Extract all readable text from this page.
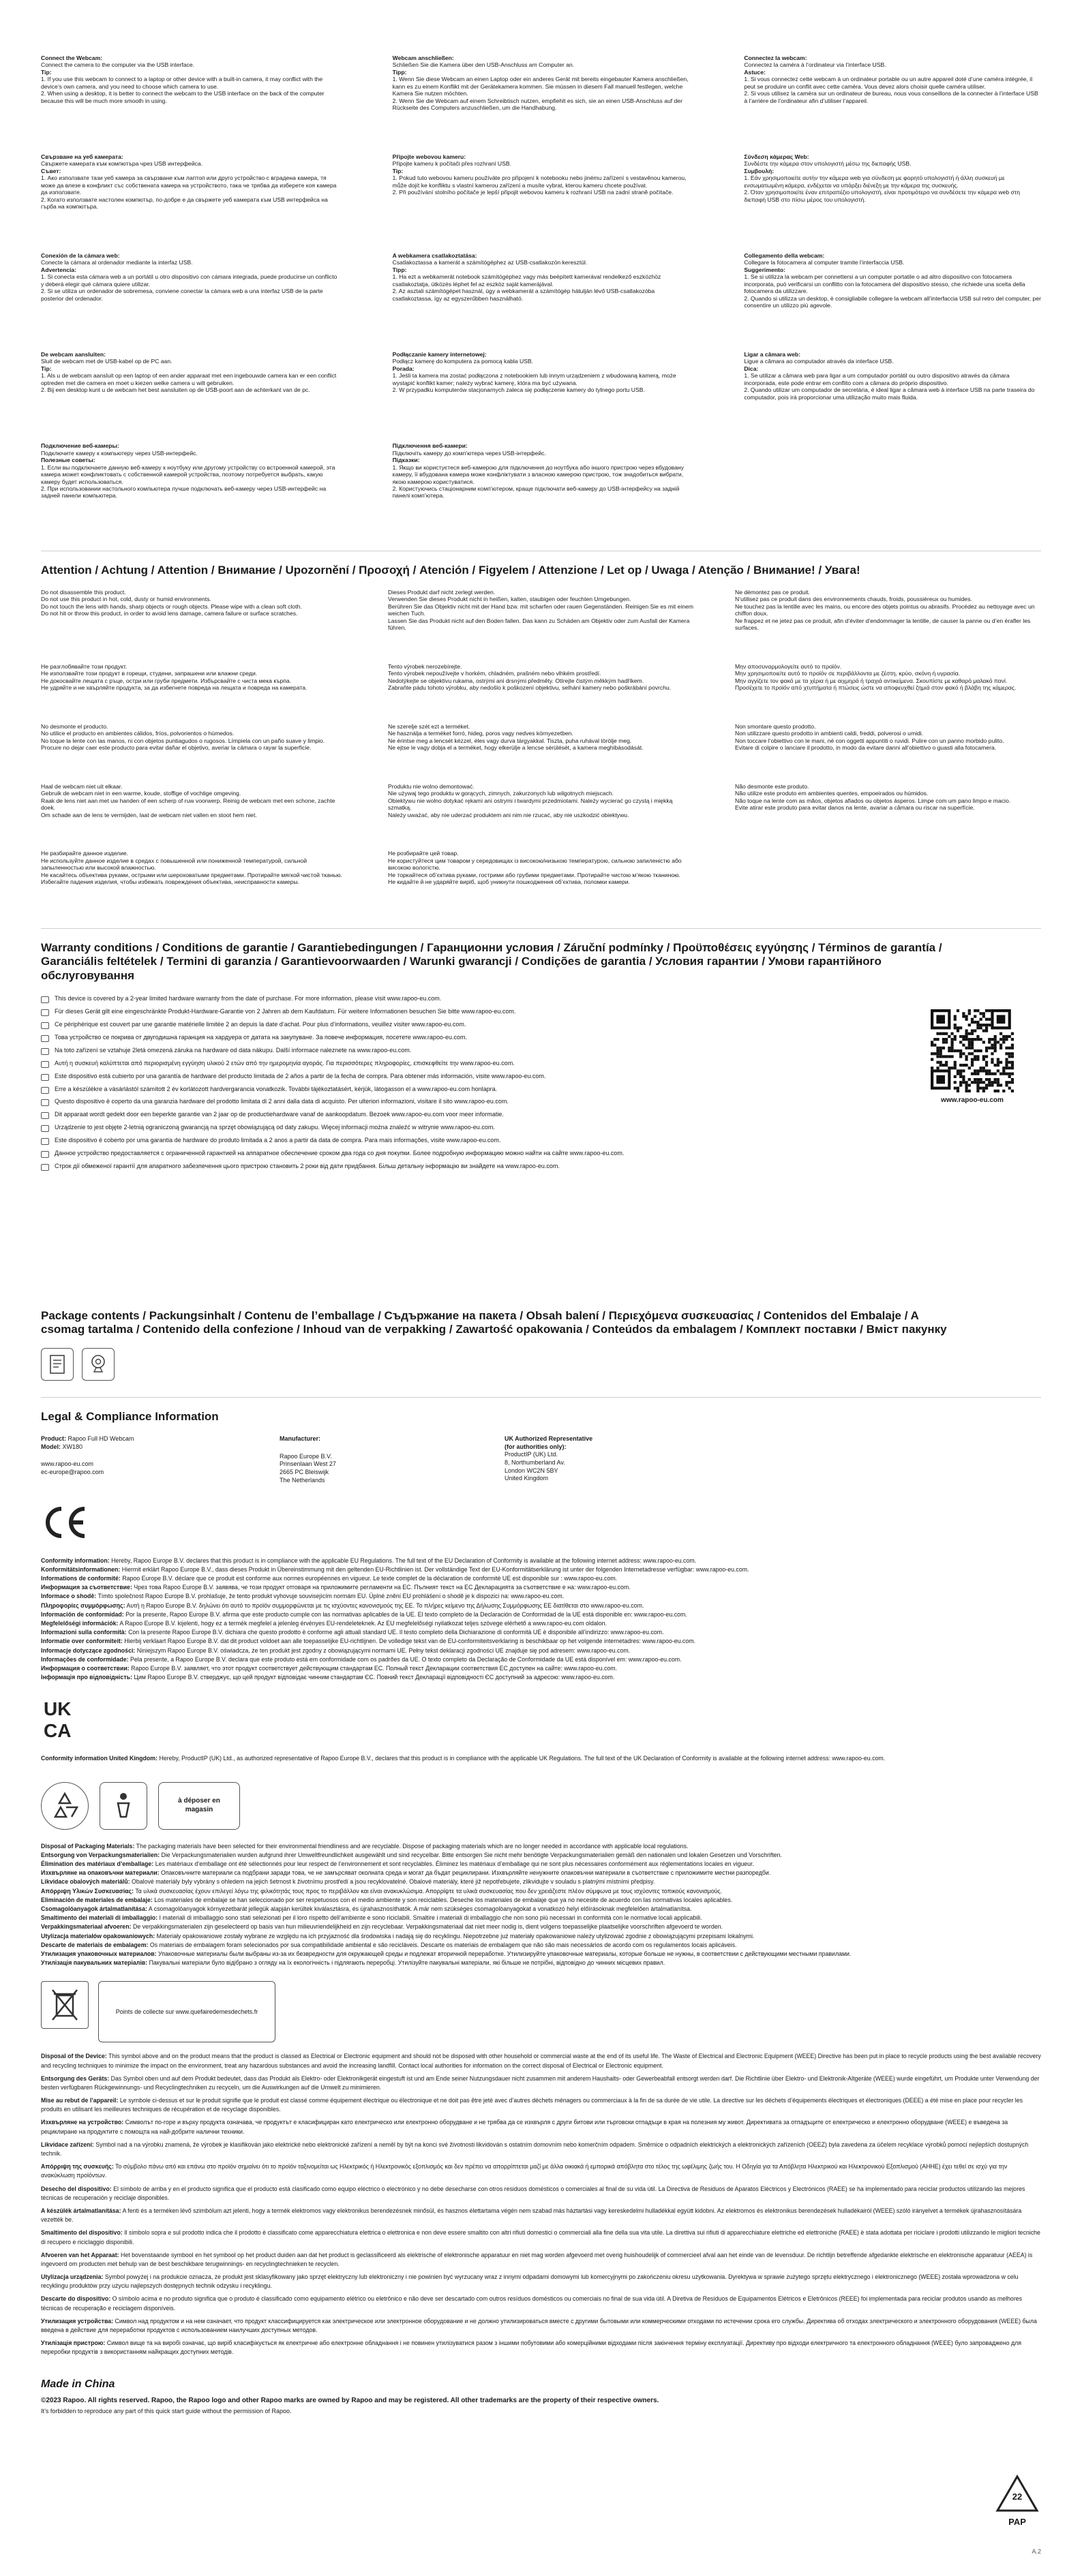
Connect the Webcam:
Connect the camera to the computer via the USB interface.
Tip:
1. If you use this webcam to connect to a laptop or other device with a built-in camera, it may conflict with the device’s own camera, and you need to choose which camera to use.
2. When using a desktop, it is better to connect the webcam to the USB interface on the back of the computer because this will be much more smooth in using.
Webcam anschließen:
Schließen Sie die Kamera über den USB-Anschluss am Computer an.
Tipp:
1. Wenn Sie diese Webcam an einen Laptop oder ein anderes Gerät mit bereits eingebauter Kamera anschließen, kann es zu einem Konflikt mit der Gerätekamera kommen. Sie müssen in diesem Fall manuell festlegen, welche Kamera Sie nutzen möchten.
2. Wenn Sie die Webcam auf einem Schreibtisch nutzen, empfiehlt es sich, sie an einen USB-Anschluss auf der Rückseite des Computers anzuschließen, um die Handhabung.
Connectez la webcam:
Connectez la caméra à l’ordinateur via l’interface USB.
Astuce:
1. Si vous connectez cette webcam à un ordinateur portable ou un autre appareil doté d’une caméra intégrée, il peut se produire un conflit avec cette caméra. Vous devez alors choisir quelle caméra utiliser.
2. Si vous utilisez la caméra sur un ordinateur de bureau, nous vous conseillons de la connecter à l’interface USB à l’arrière de l’ordinateur afin d’utiliser l’appareil.
Свързване на уеб камерата:
Свържете камерата към компютъра чрез USB интерфейса.
Съвет:
1. Ако използвате тази уеб камера за свързване към лаптоп или друго устройство с вградена камера, тя може да влезе в конфликт със собствената камера на устройството, така че трябва да изберете коя камера да използвате.
2. Когато използвате настолен компютър, по-добре е да свържете уеб камерата към USB интерфейса на гърба на компютъра.
Připojte webovou kameru:
Připojte kameru k počítači přes rozhraní USB.
Tip:
1. Pokud tuto webovou kameru používáte pro připojení k notebooku nebo jinému zařízení s vestavěnou kamerou, může dojít ke konfliktu s vlastní kamerou zařízení a musíte vybrat, kterou kameru chcete používat.
2. Při používání stolního počítače je lepší připojit webovou kameru k rozhraní USB na zadní straně počítače.
Σύνδεση κάμερας Web:
Συνδέστε την κάμερα στον υπολογιστή μέσω της διεπαφής USB.
Συμβουλή:
1. Εάν χρησιμοποιείτε αυτήν την κάμερα web για σύνδεση με φορητό υπολογιστή ή άλλη συσκευή με ενσωματωμένη κάμερα, ενδέχεται να υπάρξει διένεξη με την κάμερα της συσκευής.
2. Όταν χρησιμοποιείτε έναν επιτραπέζιο υπολογιστή, είναι προτιμότερο να συνδέσετε την κάμερα web στη διεπαφή USB στο πίσω μέρος του υπολογιστή.
Conexión de la cámara web:
Conecte la cámara al ordenador mediante la interfaz USB.
Advertencia:
1. Si conecta esta cámara web a un portátil u otro dispositivo con cámara integrada, puede producirse un conflicto y deberá elegir qué cámara quiere utilizar.
2. Si se utiliza un ordenador de sobremesa, conviene conectar la cámara web a una interfaz USB de la parte posterior del ordenador.
A webkamera csatlakoztatása:
Csatlakoztassa a kamerát a számítógéphez az USB-csatlakozón keresztül.
Tipp:
1. Ha ezt a webkamerát notebook számítógéphez vagy más beépített kamerával rendelkező eszközhöz csatlakoztatja, ütközés léphet fel az eszköz saját kamerájával.
2. Az asztali számítógépet használ, úgy a webkamerát a számítógép hátulján lévő USB-csatlakozóba csatlakoztassa, így az egyszerűbben használható.
Collegamento della webcam:
Collegare la fotocamera al computer tramite l’interfaccia USB.
Suggerimento:
1. Se si utilizza la webcam per connettersi a un computer portatile o ad altro dispositivo con fotocamera incorporata, può verificarsi un conflitto con la fotocamera del dispositivo stesso, che richiede una scelta della fotocamera da utilizzare.
2. Quando si utilizza un desktop, è consigliabile collegare la webcam all’interfaccia USB sul retro del computer, per consentire un utilizzo più agevole.
De webcam aansluiten:
Sluit de webcam met de USB-kabel op de PC aan.
Tip:
1. Als u de webcam aansluit op een laptop of een ander apparaat met een ingebouwde camera kan er een conflict optreden met die camera en moet u kiezen welke camera u wilt gebruiken.
2. Bij een desktop kunt u de webcam het best aansluiten op de USB-poort aan de achterkant van de pc.
Podłączanie kamery internetowej:
Podłącz kamerę do komputera za pomocą kabla USB.
Porada:
1. Jeśli ta kamera ma zostać podłączona z notebookiem lub innym urządzeniem z wbudowaną kamerą, może wystąpić konflikt kamer; należy wybrać kamerę, która ma być używana.
2. W przypadku komputerów stacjonarnych zaleca się podłączenie kamery do tylnego portu USB.
Ligar a câmara web:
Ligue a câmara ao computador através da interface USB.
Dica:
1. Se utilizar a câmara web para ligar a um computador portátil ou outro dispositivo através da câmara incorporada, este pode entrar em conflito com a câmara do próprio dispositivo.
2. Quando utilizar um computador de secretária, é ideal ligar a câmara web à interface USB na parte traseira do computador, pois irá proporcionar uma utilização muito mais fluida.
Подключение веб-камеры:
Подключите камеру к компьютеру через USB-интерфейс.
Полезные советы:
1. Если вы подключаете данную веб-камеру к ноутбуку или другому устройству со встроенной камерой, эта камера может конфликтовать с собственной камерой устройства, поэтому потребуется выбрать, какую камеру будет использоваться.
2. При использовании настольного компьютера лучше подключать веб-камеру через USB-интерфейс на задней панели компьютера.
Підключення веб-камери:
Підключіть камеру до комп’ютера через USB-інтерфейс.
Підказки:
1. Якщо ви користуєтеся веб-камерою для підключення до ноутбука або іншого пристрою через вбудовану камеру, її вбудована камера може конфліктувати з власною камерою пристрою, тож знадобиться вибрати, якою камерою користуватися.
2. Користуючись стаціонарним комп’ютером, краще підключати веб-камеру до USB-інтерфейсу на задній панелі комп’ютера.
Attention / Achtung / Attention / Внимание / Upozornění / Προσοχή / Atención / Figyelem / Attenzione / Let op / Uwaga / Atenção / Внимание! / Увага!
Do not disassemble this product.
Do not use this product in hot, cold, dusty or humid environments.
Do not touch the lens with hands, sharp objects or rough objects. Please wipe with a clean soft cloth.
Do not hit or throw this product, in order to avoid lens damage, camera failure or surface scratches.
Dieses Produkt darf nicht zerlegt werden.
Verwenden Sie dieses Produkt nicht in heißen, kalten, staubigen oder feuchten Umgebungen.
Berühren Sie das Objektiv nicht mit der Hand bzw. mit scharfen oder rauen Gegenständen. Reinigen Sie es mit einem weichen Tuch.
Lassen Sie das Produkt nicht auf den Boden fallen. Das kann zu Schäden am Objektiv oder zum Ausfall der Kamera führen.
Ne démontez pas ce produit.
N’utilisez pas ce produit dans des environnements chauds, froids, poussiéreux ou humides.
Ne touchez pas la lentille avec les mains, ou encore des objets pointus ou abrasifs. Procédez au nettoyage avec un chiffon doux.
Ne frappez et ne jetez pas ce produit, afin d’éviter d’endommager la lentille, de causer la panne ou d’en érafler les surfaces.
Не разглобявайте този продукт.
Не използвайте този продукт в горещи, студени, запрашени или влажни среди.
Не докосвайте лещата с ръце, остри или груби предмети. Избърсвайте с чиста мека кърпа.
Не удряйте и не хвърляйте продукта, за да избегнете повреда на лещата и повреда на камерата.
Tento výrobek nerozebírejte.
Tento výrobek nepoužívejte v horkém, chladném, prašném nebo vlhkém prostředí.
Nedotýkejte se objektivu rukama, ostrými ani drsnými předměty. Otírejte čistým měkkým hadříkem.
Zabraňte pádu tohoto výrobku, aby nedošlo k poškození objektivu, selhání kamery nebo poškrábání povrchu.
Μην αποσυναρμολογείτε αυτό το προϊόν.
Μην χρησιμοποιείτε αυτό το προϊόν σε περιβάλλοντα με ζέστη, κρύο, σκόνη ή υγρασία.
Μην αγγίζετε τον φακό με τα χέρια ή με αιχμηρά ή τραχιά αντικείμενα. Σκουπίστε με καθαρό μαλακό πανί.
Προσέχετε το προϊόν από χτυπήματα ή πτώσεις ώστε να αποφευχθεί ζημιά στον φακό ή βλάβη της κάμερας.
No desmonte el producto.
No utilice el producto en ambientes cálidos, fríos, polvorientos o húmedos.
No toque la lente con las manos, ni con objetos puntiagudos o rugosos. Límpiela con un paño suave y limpio.
Procure no dejar caer este producto para evitar dañar el objetivo, averiar la cámara o rayar la superficie.
Ne szerelje szét ezt a terméket.
Ne használja a terméket forró, hideg, poros vagy nedves környezetben.
Ne érintse meg a lencsét kézzel, éles vagy durva tárgyakkal. Tiszta, puha ruhával törölje meg.
Ne ejtse le vagy dobja el a terméket, hogy elkerülje a lencse sérülését, a kamera meghibásodását.
Non smontare questo prodotto.
Non utilizzare questo prodotto in ambienti caldi, freddi, polverosi o umidi.
Non toccare l’obiettivo con le mani, né con oggetti appuntiti o ruvidi. Pulire con un panno morbido pulito.
Evitare di colpire o lanciare il prodotto, in modo da evitare danni all’obiettivo o guasti alla fotocamera.
Haal de webcam niet uit elkaar.
Gebruik de webcam niet in een warme, koude, stoffige of vochtige omgeving.
Raak de lens niet aan met uw handen of een scherp of ruw voorwerp. Reinig de webcam met een schone, zachte doek.
Om schade aan de lens te vermijden, laat de webcam niet vallen en stoot hem niet.
Produktu nie wolno demontować.
Nie używaj tego produktu w gorących, zimnych, zakurzonych lub wilgotnych miejscach.
Obiektywu nie wolno dotykać rękami ani ostrymi i twardymi przedmiotami. Należy wycierać go czystą i miękką szmatką.
Należy uważać, aby nie uderzać produktem ani nim nie rzucać, aby nie uszkodzić obiektywu.
Não desmonte este produto.
Não utilize este produto em ambientes quentes, empoeirados ou húmidos.
Não toque na lente com as mãos, objetos afiados ou objetos ásperos. Limpe com um pano limpo e macio.
Evite atirar este produto para evitar danos na lente, avariar a câmara ou riscar na superfície.
Не разбирайте данное изделие.
Не используйте данное изделие в средах с повышенной или пониженной температурой, сильной запыленностью или высокой влажностью.
Не касайтесь объектива руками, острыми или шероховатыми предметами. Протирайте мягкой чистой тканью.
Избегайте падения изделия, чтобы избежать повреждения объектива, неисправности камеры.
Не розбирайте цей товар.
Не користуйтеся цим товаром у середовищах із високою/низькою температурою, сильною запиленістю або високою вологістю.
Не торкайтеся об’єктива руками, гострими або грубими предметами. Протирайте чистою м’якою тканиною.
Не кидайте й не ударяйте виріб, щоб уникнути пошкодження об’єктива, поломки камери.
Warranty conditions / Conditions de garantie / Garantiebedingungen / Гаранционни условия / Záruční podmínky / Προϋποθέσεις εγγύησης / Términos de garantía / Garanciális feltételek / Termini di garanzia / Garantievoorwaarden / Warunki gwarancji / Condições de garantia / Условия гарантии / Умови гарантійного обслуговування
This device is covered by a 2-year limited hardware warranty from the date of purchase. For more information, please visit www.rapoo-eu.com.
Für dieses Gerät gilt eine eingeschränkte Produkt-Hardware-Garantie von 2 Jahren ab dem Kaufdatum. Für weitere Informationen besuchen Sie bitte www.rapoo-eu.com.
Ce périphérique est couvert par une garantie matérielle limitée 2 an depuis la date d’achat. Pour plus d’informations, veuillez visiter www.rapoo-eu.com.
Това устройство се покрива от двугодишна гаранция на хардуера от датата на закупуване. За повече информация, посетете www.rapoo-eu.com.
Na toto zařízení se vztahuje 2letá omezená záruka na hardware od data nákupu. Další informace naleznete na www.rapoo-eu.com.
Αυτή η συσκευή καλύπτεται από περιορισμένη εγγύηση υλικού 2 ετών από την ημερομηνία αγοράς. Για περισσότερες πληροφορίες, επισκεφθείτε την www.rapoo-eu.com.
Este dispositivo está cubierto por una garantía de hardware del producto limitada de 2 años a partir de la fecha de compra. Para obtener más información, visite www.rapoo-eu.com.
Erre a készülékre a vásárlástól számított 2 év korlátozott hardvergarancia vonatkozik. További tájékoztatásért, kérjük, látogasson el a www.rapoo-eu.com honlapra.
Questo dispositivo è coperto da una garanzia hardware del prodotto limitata di 2 anni dalla data di acquisto. Per ulteriori informazioni, visitare il sito www.rapoo-eu.com.
Dit apparaat wordt gedekt door een beperkte garantie van 2 jaar op de productiehardware vanaf de aankoopdatum. Bezoek www.rapoo-eu.com voor meer informatie.
Urządzenie to jest objęte 2-letnią ograniczoną gwarancją na sprzęt obowiązującą od daty zakupu. Więcej informacji można znaleźć w witrynie www.rapoo-eu.com.
Este dispositivo é coberto por uma garantia de hardware do produto limitada a 2 anos a partir da data de compra. Para mais informações, visite www.rapoo-eu.com.
Данное устройство предоставляется с ограниченной гарантией на аппаратное обеспечение сроком два года со дня покупки. Более подробную информацию можно найти на сайте www.rapoo-eu.com.
Строк дії обмеженої гарантії для апаратного забезпечення цього пристрою становить 2 роки від дати придбання. Більш детальну інформацію ви знайдете на www.rapoo-eu.com.
www.rapoo-eu.com
Package contents / Packungsinhalt / Contenu de l’emballage / Съдържание на пакета / Obsah balení / Περιεχόμενα συσκευασίας / Contenidos del Embalaje / A csomag tartalma / Contenido della confezione / Inhoud van de verpakking / Zawartość opakowania / Conteúdos da embalagem / Комплект поставки / Вміст пакунку
Legal & Compliance Information
Product: Rapoo Full HD Webcam
Model: XW180
www.rapoo-eu.com
ec-europe@rapoo.com
Manufacturer:
Rapoo Europe B.V.
Prinsenlaan West 27
2665 PC Bleiswijk
The Netherlands
UK Authorized Representative
(for authorities only):
ProductIP (UK) Ltd.
8, Northumberland Av.
London WC2N 5BY
United Kingdom
Conformity information: Hereby, Rapoo Europe B.V. declares that this product is in compliance with the applicable EU Regulations. The full text of the EU Declaration of Conformity is available at the following internet address: www.rapoo-eu.com.
Konformitätsinformationen: Hiermit erklärt Rapoo Europe B.V., dass dieses Produkt in Übereinstimmung mit den geltenden EU-Richtlinien ist. Der vollständige Text der EU-Konformitätserklärung ist unter der folgenden Internetadresse verfügbar: www.rapoo-eu.com.
Informations de conformité: Rapoo Europe B.V. déclare que ce produit est conforme aux normes européennes en vigueur. Le texte complet de la déclaration de conformité UE est disponible sur : www.rapoo-eu.com.
Информация за съответствие: Чрез това Rapoo Europe B.V. заявява, че този продукт отговаря на приложимите регламенти на ЕС. Пълният текст на ЕС Декларацията за съответствие е на: www.rapoo-eu.com.
Informace o shodě: Tímto společnost Rapoo Europe B.V. prohlašuje, že tento produkt vyhovuje souvisejícím normám EU. Úplné znění EU prohlášení o shodě je k dispozici na: www.rapoo-eu.com.
Πληροφορίες συμμόρφωσης: Αυτή η Rapoo Europe B.V. δηλώνει ότι αυτό το προϊόν συμμορφώνεται με τις ισχύοντες κανονισμούς της ΕΕ. Το πλήρες κείμενο της Δήλωσης Συμμόρφωσης ΕΕ διατίθεται στο www.rapoo-eu.com.
Información de conformidad: Por la presente, Rapoo Europe B.V. afirma que este producto cumple con las normativas aplicables de la UE. El texto completo de la Declaración de Conformidad de la UE está disponible en: www.rapoo-eu.com.
Megfelelőségi információk: A Rapoo Europe B.V. kijelenti, hogy ez a termék megfelel a jelenleg érvényes EU-rendeleteknek. Az EU megfelelőségi nyilatkozat teljes szövege elérhető a www.rapoo-eu.com oldalon.
Informazioni sulla conformità: Con la presente Rapoo Europe B.V. dichiara che questo prodotto è conforme agli attuali standard UE. Il testo completo della Dichiarazione di conformità UE è disponibile all’indirizzo: www.rapoo-eu.com.
Informatie over conformiteit: Hierbij verklaart Rapoo Europe B.V. dat dit product voldoet aan alle toepasselijke EU-richtlijnen. De volledige tekst van de EU-conformiteitsverklaring is beschikbaar op het volgende internetadres: www.rapoo-eu.com.
Informacje dotyczące zgodności: Niniejszym Rapoo Europe B.V. oświadcza, że ten produkt jest zgodny z obowiązującymi normami UE. Pełny tekst deklaracji zgodności UE znajduje się pod adresem: www.rapoo-eu.com.
Informações de conformidade: Pela presente, a Rapoo Europe B.V. declara que este produto está em conformidade com os padrões da UE. O texto completo da Declaração de Conformidade da UE está disponível em: www.rapoo-eu.com.
Информация о соответствии: Rapoo Europe B.V. заявляет, что этот продукт соответствует действующим стандартам ЕС. Полный текст Декларации соответствия ЕС доступен на сайте: www.rapoo-eu.com.
Інформація про відповідність: Цим Rapoo Europe B.V. стверджує, що цей продукт відповідає чинним стандартам ЄС. Повний текст Декларації відповідності ЄС доступний за адресою: www.rapoo-eu.com.
UK
CA
Conformity information United Kingdom: Hereby, ProductIP (UK) Ltd., as authorized representative of Rapoo Europe B.V., declares that this product is in compliance with the applicable UK Regulations. The full text of the UK Declaration of Conformity is available at the following internet address: www.rapoo-eu.com.
à déposer en magasin
Disposal of Packaging Materials: The packaging materials have been selected for their environmental friendliness and are recyclable. Dispose of packaging materials which are no longer needed in accordance with applicable local regulations.
Entsorgung von Verpackungsmaterialien: Die Verpackungsmaterialien wurden aufgrund ihrer Umweltfreundlichkeit ausgewählt und sind recycelbar. Bitte entsorgen Sie nicht mehr benötigte Verpackungsmaterialien gemäß den nationalen und lokalen Gesetzen und Vorschriften.
Élimination des matériaux d’emballage: Les matériaux d’emballage ont été sélectionnés pour leur respect de l’environnement et sont recyclables. Éliminez les matériaux d’emballage qui ne sont plus nécessaires conformément aux réglementations locales en vigueur.
Изхвърляне на опаковъчни материали: Опаковъчните материали са подбрани заради това, че не замърсяват околната среда и могат да бъдат рециклирани. Изхвърляйте ненужните опаковъчни материали в съответствие с приложимите местни разпоредби.
Likvidace obalových materiálů: Obalové materiály byly vybrány s ohledem na jejich šetrnost k životnímu prostředí a jsou recyklovatelné. Obalové materiály, které již nepotřebujete, zlikvidujte v souladu s platnými místními předpisy.
Απόρριψη Υλικών Συσκευασίας: Τα υλικά συσκευασίας έχουν επιλεγεί λόγω της φιλικότητάς τους προς το περιβάλλον και είναι ανακυκλώσιμα. Απορρίψτε τα υλικά συσκευασίας που δεν χρειάζεστε πλέον σύμφωνα με τους ισχύοντες τοπικούς κανονισμούς.
Eliminación de materiales de embalaje: Los materiales de embalaje se han seleccionado por ser respetuosos con el medio ambiente y son reciclables. Deseche los materiales de embalaje que ya no necesite de acuerdo con las normativas locales aplicables.
Csomagolóanyagok ártalmatlanítása: A csomagolóanyagok környezetbarát jellegük alapján kerültek kiválasztásra, és újrahasznosíthatók. A már nem szükséges csomagolóanyagokat a vonatkozó helyi előírásoknak megfelelően ártalmatlanítsa.
Smaltimento dei materiali di imballaggio: I materiali di imballaggio sono stati selezionati per il loro rispetto dell’ambiente e sono riciclabili. Smaltire i materiali di imballaggio che non sono più necessari in conformità con le normative locali applicabili.
Verpakkingsmateriaal afvoeren: De verpakkingsmaterialen zijn geselecteerd op basis van hun milieuvriendelijkheid en zijn recyclebaar. Verpakkingsmateriaal dat niet meer nodig is, dient volgens toepasselijke plaatselijke voorschriften afgevoerd te worden.
Utylizacja materiałów opakowaniowych: Materiały opakowaniowe zostały wybrane ze względu na ich przyjazność dla środowiska i nadają się do recyklingu. Niepotrzebne już materiały opakowaniowe należy utylizować zgodnie z obowiązującymi przepisami lokalnymi.
Descarte de materiais de embalagem: Os materiais de embalagem foram selecionados por sua compatibilidade ambiental e são recicláveis. Descarte os materiais de embalagem que não são mais necessários de acordo com os regulamentos locais aplicáveis.
Утилизация упаковочных материалов: Упаковочные материалы были выбраны из-за их безвредности для окружающей среды и подлежат вторичной переработке. Утилизируйте упаковочные материалы, которые больше не нужны, в соответствии с действующими местными правилами.
Утилізація пакувальних матеріалів: Пакувальні матеріали було відібрано з огляду на їх екологічність і підлягають переробці. Утилізуйте пакувальні матеріали, які більше не потрібні, відповідно до чинних місцевих правил.
Points de collecte sur www.quefairedemesdechets.fr

Disposal of the Device: This symbol above and on the product means that the product is classed as Electrical or Electronic equipment and should not be disposed with other household or commercial waste at the end of its useful life. The Waste of Electrical and Electronic Equipment (WEEE) Directive has been put in place to recycle products using the best available recovery and recycling techniques to minimize the impact on the environment, treat any hazardous substances and avoid the increasing landfill. Contact local authorities for information on the correct disposal of Electrical or Electronic equipment.

Entsorgung des Geräts: Das Symbol oben und auf dem Produkt bedeutet, dass das Produkt als Elektro- oder Elektronikgerät eingestuft ist und am Ende seiner Nutzungsdauer nicht zusammen mit anderem Haushalts- oder Gewerbeabfall entsorgt werden darf. Die Richtlinie über Elektro- und Elektronik-Altgeräte (WEEE) wurde eingeführt, um Produkte unter Verwendung der besten verfügbaren Rückgewinnungs- und Recyclingtechniken zu recyceln, um die Auswirkungen auf die Umwelt zu minimieren.

Mise au rebut de l’appareil: Le symbole ci-dessus et sur le produit signifie que le produit est classé comme équipement électrique ou électronique et ne doit pas être jeté avec d’autres déchets ménagers ou commerciaux à la fin de sa durée de vie utile. La directive sur les déchets d’équipements électriques et électroniques (DEEE) a été mise en place pour recycler les produits en utilisant les meilleures techniques de récupération et de recyclage disponibles.

Изхвърляне на устройство: Символът по-горе и върху продукта означава, че продуктът е класифициран като електрическо или електронно оборудване и не трябва да се изхвърля с други битови или търговски отпадъци в края на полезния му живот. Директивата за отпадъците от електрическо и електронно оборудване (WEEE) е въведена за рециклиране на продуктите с помощта на най-добрите налични техники.

Likvidace zařízení: Symbol nad a na výrobku znamená, že výrobek je klasifikován jako elektrické nebo elektronické zařízení a neměl by být na konci své životnosti likvidován s ostatním domovním nebo komerčním odpadem. Směrnice o odpadních elektrických a elektronických zařízeních (OEEZ) byla zavedena za účelem recyklace výrobků pomocí nejlepších dostupných technik.

Απόρριψη της συσκευής: Το σύμβολο πάνω από και επάνω στο προϊόν σημαίνει ότι το προϊόν ταξινομείται ως Ηλεκτρικός ή Ηλεκτρονικός εξοπλισμός και δεν πρέπει να απορρίπτεται μαζί με άλλα οικιακά ή εμπορικά απόβλητα στο τέλος της ωφέλιμης ζωής του. Η Οδηγία για τα Απόβλητα Ηλεκτρικού και Ηλεκτρονικού Εξοπλισμού (ΑΗΗΕ) έχει τεθεί σε ισχύ για την ανακύκλωση προϊόντων.

Desecho del dispositivo: El símbolo de arriba y en el producto significa que el producto está clasificado como equipo eléctrico o electrónico y no debe desecharse con otros residuos domésticos o comerciales al final de su vida útil. La Directiva de Residuos de Aparatos Eléctricos y Electrónicos (RAEE) se ha implementado para reciclar productos utilizando las mejores técnicas de recuperación y reciclaje disponibles.

A készülék ártalmatlanítása: A fenti és a terméken lévő szimbólum azt jelenti, hogy a termék elektromos vagy elektronikus berendezésnek minősül, és hasznos élettartama végén nem szabad más háztartási vagy kereskedelmi hulladékkal együtt kidobni. Az elektromos és elektronikus berendezések hulladékairól (WEEE) szóló irányelvet a termékek újrahasznosítására vezették be.

Smaltimento del dispositivo: Il simbolo sopra e sul prodotto indica che il prodotto è classificato come apparecchiatura elettrica o elettronica e non deve essere smaltito con altri rifiuti domestici o commerciali alla fine della sua vita utile. La direttiva sui rifiuti di apparecchiature elettriche ed elettroniche (RAEE) è stata adottata per riciclare i prodotti utilizzando le migliori tecniche di recupero e riciclaggio disponibili.

Afvoeren van het Apparaat: Het bovenstaande symbool en het symbool op het product duiden aan dat het product is geclassificeerd als elektrische of elektronische apparatuur en niet mag worden afgevoerd met overig huishoudelijk of commercieel afval aan het einde van de levensduur. De richtlijn betreffende afgedankte elektrische en elektronische apparatuur (AEEA) is ingevoerd om producten met behulp van de best beschikbare terugwinnings- en recyclingtechnieken te recyclen.

Utylizacja urządzenia: Symbol powyżej i na produkcie oznacza, że produkt jest sklasyfikowany jako sprzęt elektryczny lub elektroniczny i nie powinien być wyrzucany wraz z innymi odpadami domowymi lub komercyjnymi po zakończeniu okresu użytkowania. Dyrektywa w sprawie zużytego sprzętu elektrycznego i elektronicznego (WEEE) została wprowadzona w celu recyklingu produktów przy użyciu najlepszych dostępnych technik odzysku i recyklingu.

Descarte do dispositivo: O símbolo acima e no produto significa que o produto é classificado como equipamento elétrico ou eletrônico e não deve ser descartado com outros resíduos domésticos ou comerciais no final de sua vida útil. A Diretiva de Resíduos de Equipamentos Elétricos e Eletrônicos (REEE) foi implementada para reciclar produtos usando as melhores técnicas de recuperação e reciclagem disponíveis.

Утилизация устройства: Символ над продуктом и на нем означает, что продукт классифицируется как электрическое или электронное оборудование и не должно утилизироваться вместе с другими бытовыми или коммерческими отходами по истечении срока его службы. Директива об отходах электрического и электронного оборудования (WEEE) была введена в действие для переработки продуктов с использованием наилучших доступных методов.

Утилізація пристрою: Символ вище та на виробі означає, що виріб класифікується як електричне або електронне обладнання і не повинен утилізуватися разом з іншими побутовими або комерційними відходами після закінчення терміну експлуатації. Директиву про відходи електричного та електронного обладнання (WEEE) було запроваджено для переробки продуктів з використанням найкращих доступних методів.

Made in China
©2023 Rapoo. All rights reserved. Rapoo, the Rapoo logo and other Rapoo marks are owned by Rapoo and may be registered. All other trademarks are the property of their respective owners.
It’s forbidden to reproduce any part of this quick start guide without the permission of Rapoo.
22
PAP
A.2
